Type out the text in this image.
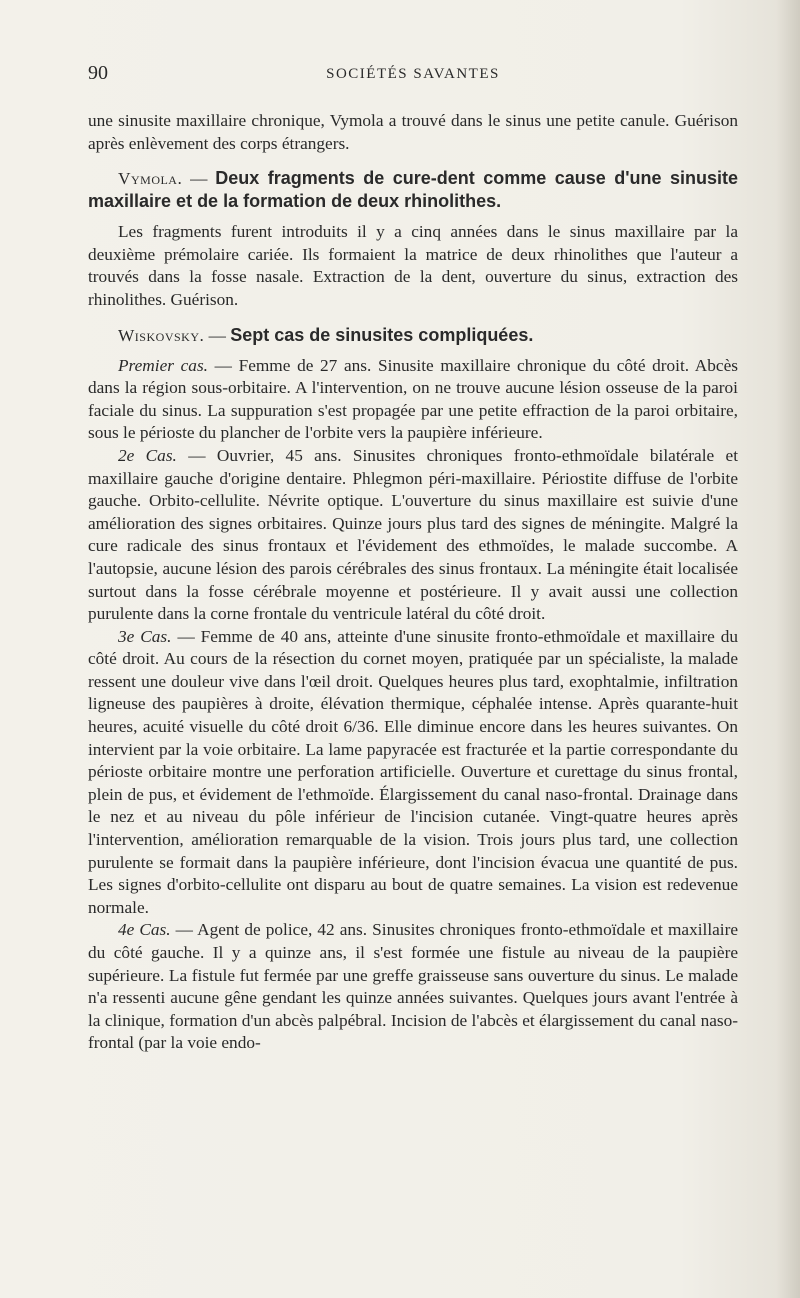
90	SOCIÉTÉS SAVANTES

une sinusite maxillaire chronique, Vymola a trouvé dans le sinus une petite canule. Guérison après enlèvement des corps étrangers.

Vymola. — Deux fragments de cure-dent comme cause d'une sinusite maxillaire et de la formation de deux rhinolithes.

Les fragments furent introduits il y a cinq années dans le sinus maxillaire par la deuxième prémolaire cariée. Ils formaient la matrice de deux rhinolithes que l'auteur a trouvés dans la fosse nasale. Extraction de la dent, ouverture du sinus, extraction des rhinolithes. Guérison.

Wiskovsky. — Sept cas de sinusites compliquées.

Premier cas. — Femme de 27 ans. Sinusite maxillaire chronique du côté droit. Abcès dans la région sous-orbitaire. A l'intervention, on ne trouve aucune lésion osseuse de la paroi faciale du sinus. La suppuration s'est propagée par une petite effraction de la paroi orbitaire, sous le périoste du plancher de l'orbite vers la paupière inférieure.

2e Cas. — Ouvrier, 45 ans. Sinusites chroniques fronto-ethmoïdale bilatérale et maxillaire gauche d'origine dentaire. Phlegmon péri-maxillaire. Périostite diffuse de l'orbite gauche. Orbito-cellulite. Névrite optique. L'ouverture du sinus maxillaire est suivie d'une amélioration des signes orbitaires. Quinze jours plus tard des signes de méningite. Malgré la cure radicale des sinus frontaux et l'évidement des ethmoïdes, le malade succombe. A l'autopsie, aucune lésion des parois cérébrales des sinus frontaux. La méningite était localisée surtout dans la fosse cérébrale moyenne et postérieure. Il y avait aussi une collection purulente dans la corne frontale du ventricule latéral du côté droit.

3e Cas. — Femme de 40 ans, atteinte d'une sinusite fronto-ethmoïdale et maxillaire du côté droit. Au cours de la résection du cornet moyen, pratiquée par un spécialiste, la malade ressent une douleur vive dans l'œil droit. Quelques heures plus tard, exophtalmie, infiltration ligneuse des paupières à droite, élévation thermique, céphalée intense. Après quarante-huit heures, acuité visuelle du côté droit 6/36. Elle diminue encore dans les heures suivantes. On intervient par la voie orbitaire. La lame papyracée est fracturée et la partie correspondante du périoste orbitaire montre une perforation artificielle. Ouverture et curettage du sinus frontal, plein de pus, et évidement de l'ethmoïde. Élargissement du canal naso-frontal. Drainage dans le nez et au niveau du pôle inférieur de l'incision cutanée. Vingt-quatre heures après l'intervention, amélioration remarquable de la vision. Trois jours plus tard, une collection purulente se formait dans la paupière inférieure, dont l'incision évacua une quantité de pus. Les signes d'orbito-cellulite ont disparu au bout de quatre semaines. La vision est redevenue normale.

4e Cas. — Agent de police, 42 ans. Sinusites chroniques fronto-ethmoïdale et maxillaire du côté gauche. Il y a quinze ans, il s'est formée une fistule au niveau de la paupière supérieure. La fistule fut fermée par une greffe graisseuse sans ouverture du sinus. Le malade n'a ressenti aucune gêne gendant les quinze années suivantes. Quelques jours avant l'entrée à la clinique, formation d'un abcès palpébral. Incision de l'abcès et élargissement du canal naso-frontal (par la voie endo-
